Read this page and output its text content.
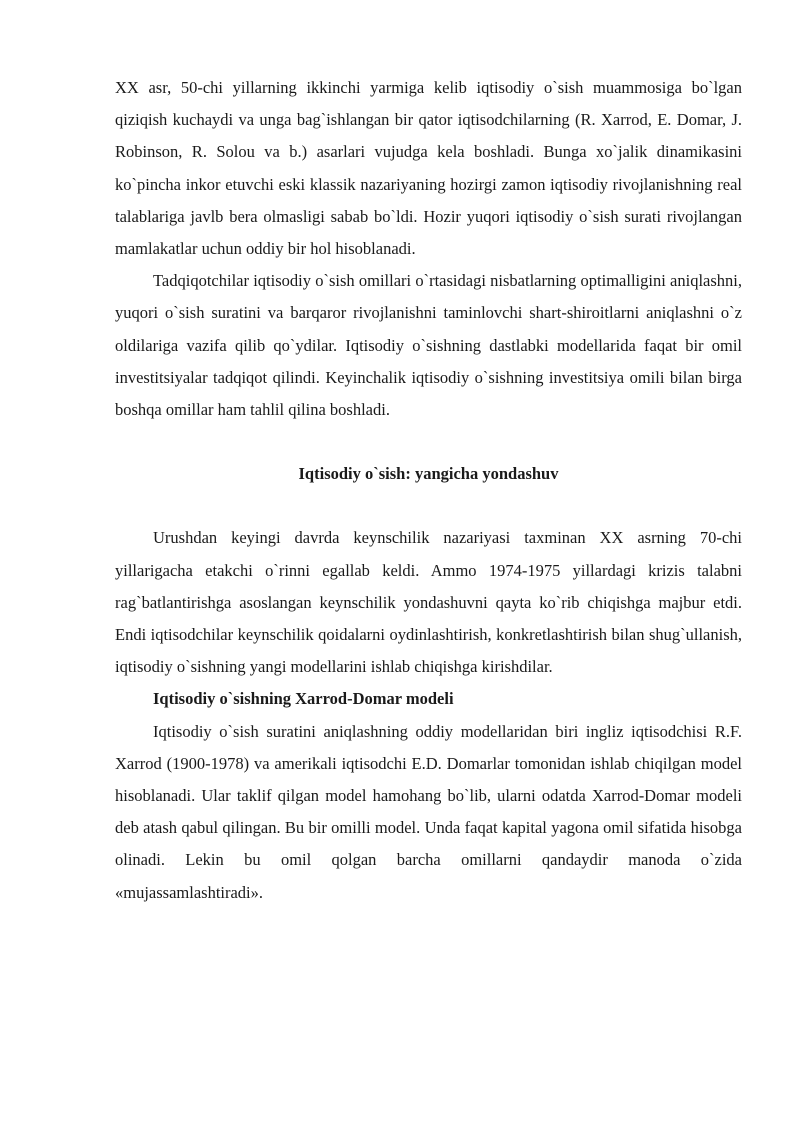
XX asr, 50-chi yillarning ikkinchi yarmiga kelib iqtisodiy o`sish muammosiga bo`lgan qiziqish kuchaydi va unga bag`ishlangan bir qator iqtisodchilarning (R. Xarrod, E. Domar, J. Robinson, R. Solou va b.) asarlari vujudga kela boshladi. Bunga xo`jalik dinamikasini ko`pincha inkor etuvchi eski klassik nazariyaning hozirgi zamon iqtisodiy rivojlanishning real talablariga javlb bera olmasligi sabab bo`ldi. Hozir yuqori iqtisodiy o`sish surati rivojlangan mamlakatlar uchun oddiy bir hol hisoblanadi.

Tadqiqotchilar iqtisodiy o`sish omillari o`rtasidagi nisbatlarning optimalligini aniqlashni, yuqori o`sish suratini va barqaror rivojlanishni taminlovchi shart-shiroitlarni aniqlashni o`z oldilariga vazifa qilib qo`ydilar. Iqtisodiy o`sishning dastlabki modellarida faqat bir omil investitsiyalar tadqiqot qilindi. Keyinchalik iqtisodiy o`sishning investitsiya omili bilan birga boshqa omillar ham tahlil qilina boshladi.

Iqtisodiy o`sish: yangicha yondashuv

Urushdan keyingi davrda keynschilik nazariyasi taxminan XX asrning 70-chi yillarigacha etakchi o`rinni egallab keldi. Ammo 1974-1975 yillardagi krizis talabni rag`batlantirishga asoslangan keynschilik yondashuvni qayta ko`rib chiqishga majbur etdi. Endi iqtisodchilar keynschilik qoidalarni oydinlashtirish, konkretlashtirish bilan shug`ullanish, iqtisodiy o`sishning yangi modellarini ishlab chiqishga kirishdilar.

Iqtisodiy o`sishning Xarrod-Domar modeli

Iqtisodiy o`sish suratini aniqlashning oddiy modellaridan biri ingliz iqtisodchisi R.F. Xarrod (1900-1978) va amerikali iqtisodchi E.D. Domarlar tomonidan ishlab chiqilgan model hisoblanadi. Ular taklif qilgan model hamohang bo`lib, ularni odatda Xarrod-Domar modeli deb atash qabul qilingan. Bu bir omilli model. Unda faqat kapital yagona omil sifatida hisobga olinadi. Lekin bu omil qolgan barcha omillarni qandaydir manoda o`zida «mujassamlashtiradi».
